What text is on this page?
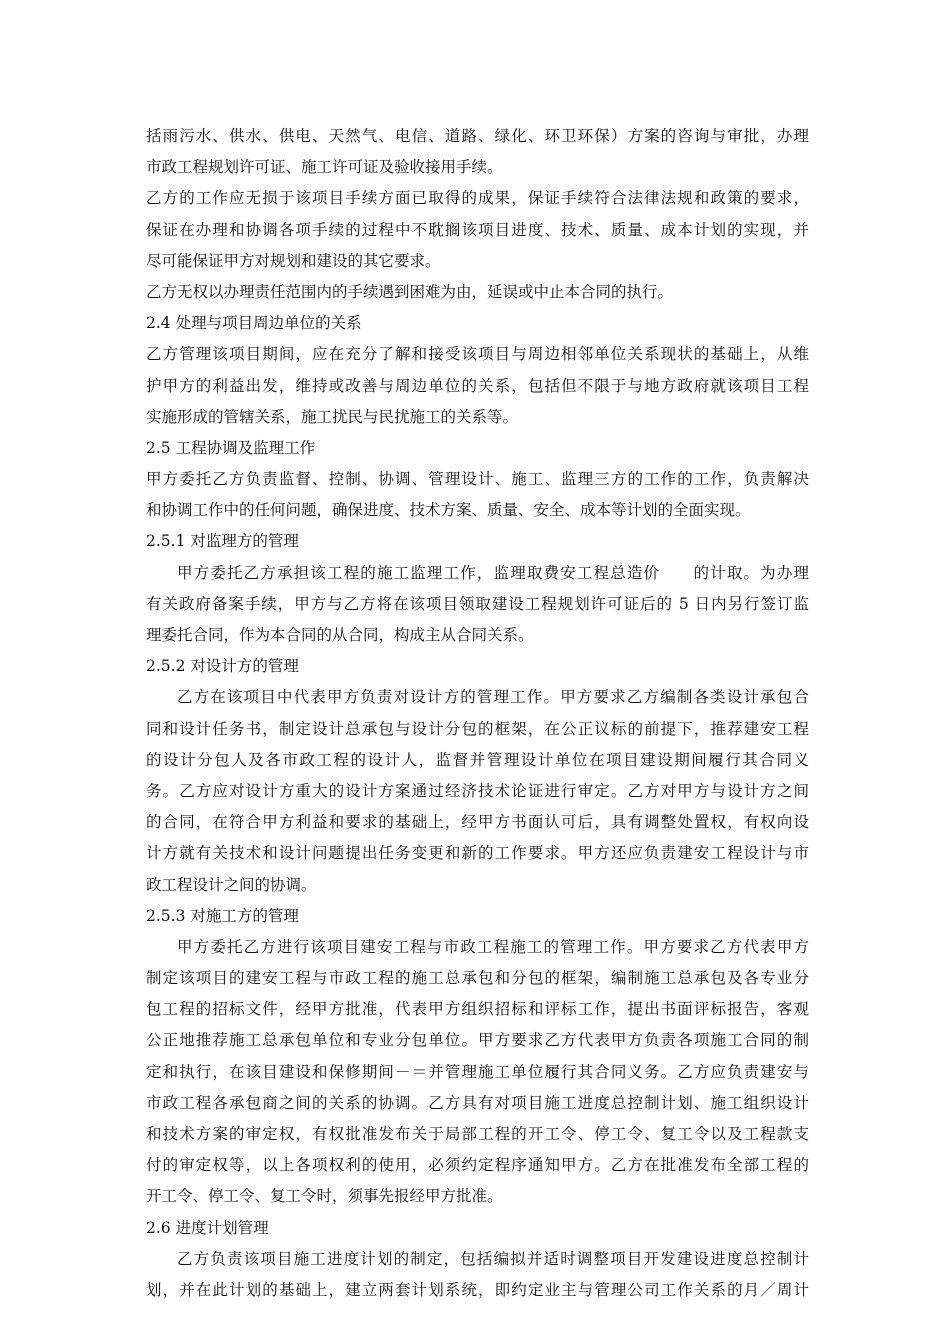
括雨污水、供水、供电、天然气、电信、道路、绿化、环卫环保）方案的咨询与审批，办理
市政工程规划许可证、施工许可证及验收接用手续。
乙方的工作应无损于该项目手续方面已取得的成果，保证手续符合法律法规和政策的要求，
保证在办理和协调各项手续的过程中不耽搁该项目进度、技术、质量、成本计划的实现，并
尽可能保证甲方对规划和建设的其它要求。
乙方无权以办理责任范围内的手续遇到困难为由，延误或中止本合同的执行。
2.4 处理与项目周边单位的关系
乙方管理该项目期间，应在充分了解和接受该项目与周边相邻单位关系现状的基础上，从维
护甲方的利益出发，维持或改善与周边单位的关系，包括但不限于与地方政府就该项目工程
实施形成的管辖关系，施工扰民与民扰施工的关系等。
2.5 工程协调及监理工作
甲方委托乙方负责监督、控制、协调、管理设计、施工、监理三方的工作的工作，负责解决
和协调工作中的任何问题，确保进度、技术方案、质量、安全、成本等计划的全面实现。
2.5.1 对监理方的管理
甲方委托乙方承担该工程的施工监理工作，监理取费安工程总造价　　的计取。为办理
有关政府备案手续，甲方与乙方将在该项目领取建设工程规划许可证后的 5 日内另行签订监
理委托合同，作为本合同的从合同，构成主从合同关系。
2.5.2 对设计方的管理
乙方在该项目中代表甲方负责对设计方的管理工作。甲方要求乙方编制各类设计承包合
同和设计任务书，制定设计总承包与设计分包的框架，在公正议标的前提下，推荐建安工程
的设计分包人及各市政工程的设计人，监督并管理设计单位在项目建设期间履行其合同义
务。乙方应对设计方重大的设计方案通过经济技术论证进行审定。乙方对甲方与设计方之间
的合同，在符合甲方利益和要求的基础上，经甲方书面认可后，具有调整处置权，有权向设
计方就有关技术和设计问题提出任务变更和新的工作要求。甲方还应负责建安工程设计与市
政工程设计之间的协调。
2.5.3 对施工方的管理
甲方委托乙方进行该项目建安工程与市政工程施工的管理工作。甲方要求乙方代表甲方
制定该项目的建安工程与市政工程的施工总承包和分包的框架，编制施工总承包及各专业分
包工程的招标文件，经甲方批准，代表甲方组织招标和评标工作，提出书面评标报告，客观
公正地推荐施工总承包单位和专业分包单位。甲方要求乙方代表甲方负责各项施工合同的制
定和执行，在该目建设和保修期间－＝并管理施工单位履行其合同义务。乙方应负责建安与
市政工程各承包商之间的关系的协调。乙方具有对项目施工进度总控制计划、施工组织设计
和技术方案的审定权，有权批准发布关于局部工程的开工令、停工令、复工令以及工程款支
付的审定权等，以上各项权利的使用，必须约定程序通知甲方。乙方在批准发布全部工程的
开工令、停工令、复工令时，须事先报经甲方批准。
2.6 进度计划管理
乙方负责该项目施工进度计划的制定，包括编拟并适时调整项目开发建设进度总控制计
划，并在此计划的基础上，建立两套计划系统，即约定业主与管理公司工作关系的月／周计
